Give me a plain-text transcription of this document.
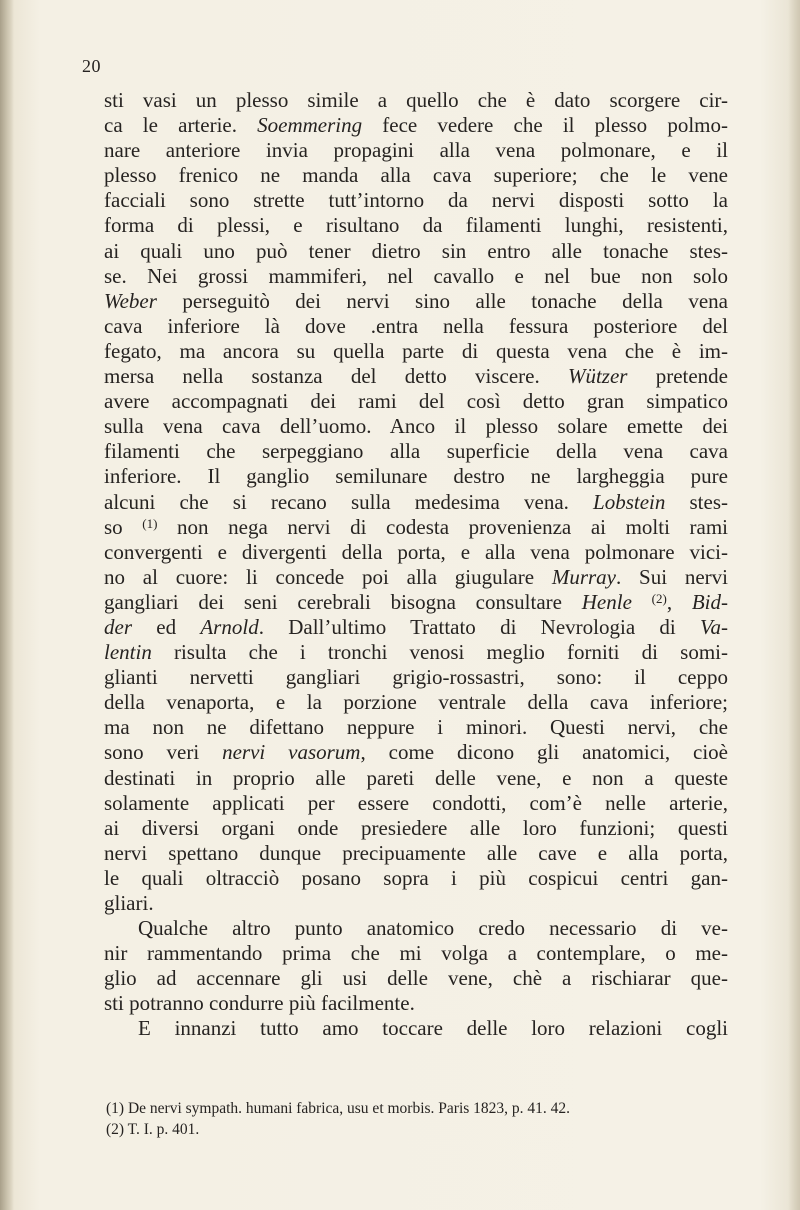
20
sti vasi un plesso simile a quello che è dato scorgere cir-
ca le arterie. Soemmering fece vedere che il plesso polmo-
nare anteriore invia propagini alla vena polmonare, e il
plesso frenico ne manda alla cava superiore; che le vene
facciali sono strette tutt’intorno da nervi disposti sotto la
forma di plessi, e risultano da filamenti lunghi, resistenti,
ai quali uno può tener dietro sin entro alle tonache stes-
se. Nei grossi mammiferi, nel cavallo e nel bue non solo
Weber perseguitò dei nervi sino alle tonache della vena
cava inferiore là dove .entra nella fessura posteriore del
fegato, ma ancora su quella parte di questa vena che è im-
mersa nella sostanza del detto viscere. Wützer pretende
avere accompagnati dei rami del così detto gran simpatico
sulla vena cava dell’uomo. Anco il plesso solare emette dei
filamenti che serpeggiano alla superficie della vena cava
inferiore. Il ganglio semilunare destro ne largheggia pure
alcuni che si recano sulla medesima vena. Lobstein stes-
so $^{(1)}$ non nega nervi di codesta provenienza ai molti rami
convergenti e divergenti della porta, e alla vena polmonare vici-
no al cuore: li concede poi alla giugulare Murray. Sui nervi
gangliari dei seni cerebrali bisogna consultare Henle $^{(2)}$, Bid-
der ed Arnold. Dall’ultimo Trattato di Nevrologia di Va-
lentin risulta che i tronchi venosi meglio forniti di somi-
glianti nervetti gangliari grigio-rossastri, sono: il ceppo
della venaporta, e la porzione ventrale della cava inferiore;
ma non ne difettano neppure i minori. Questi nervi, che
sono veri nervi vasorum, come dicono gli anatomici, cioè
destinati in proprio alle pareti delle vene, e non a queste
solamente applicati per essere condotti, com’è nelle arterie,
ai diversi organi onde presiedere alle loro funzioni; questi
nervi spettano dunque precipuamente alle cave e alla porta,
le quali oltracciò posano sopra i più cospicui centri gan-
gliari.
Qualche altro punto anatomico credo necessario di ve-
nir rammentando prima che mi volga a contemplare, o me-
glio ad accennare gli usi delle vene, chè a rischiarar que-
sti potranno condurre più facilmente.
E innanzi tutto amo toccare delle loro relazioni cogli
(1) De nervi sympath. humani fabrica, usu et morbis. Paris 1823, p. 41. 42.
(2) T. I. p. 401.
